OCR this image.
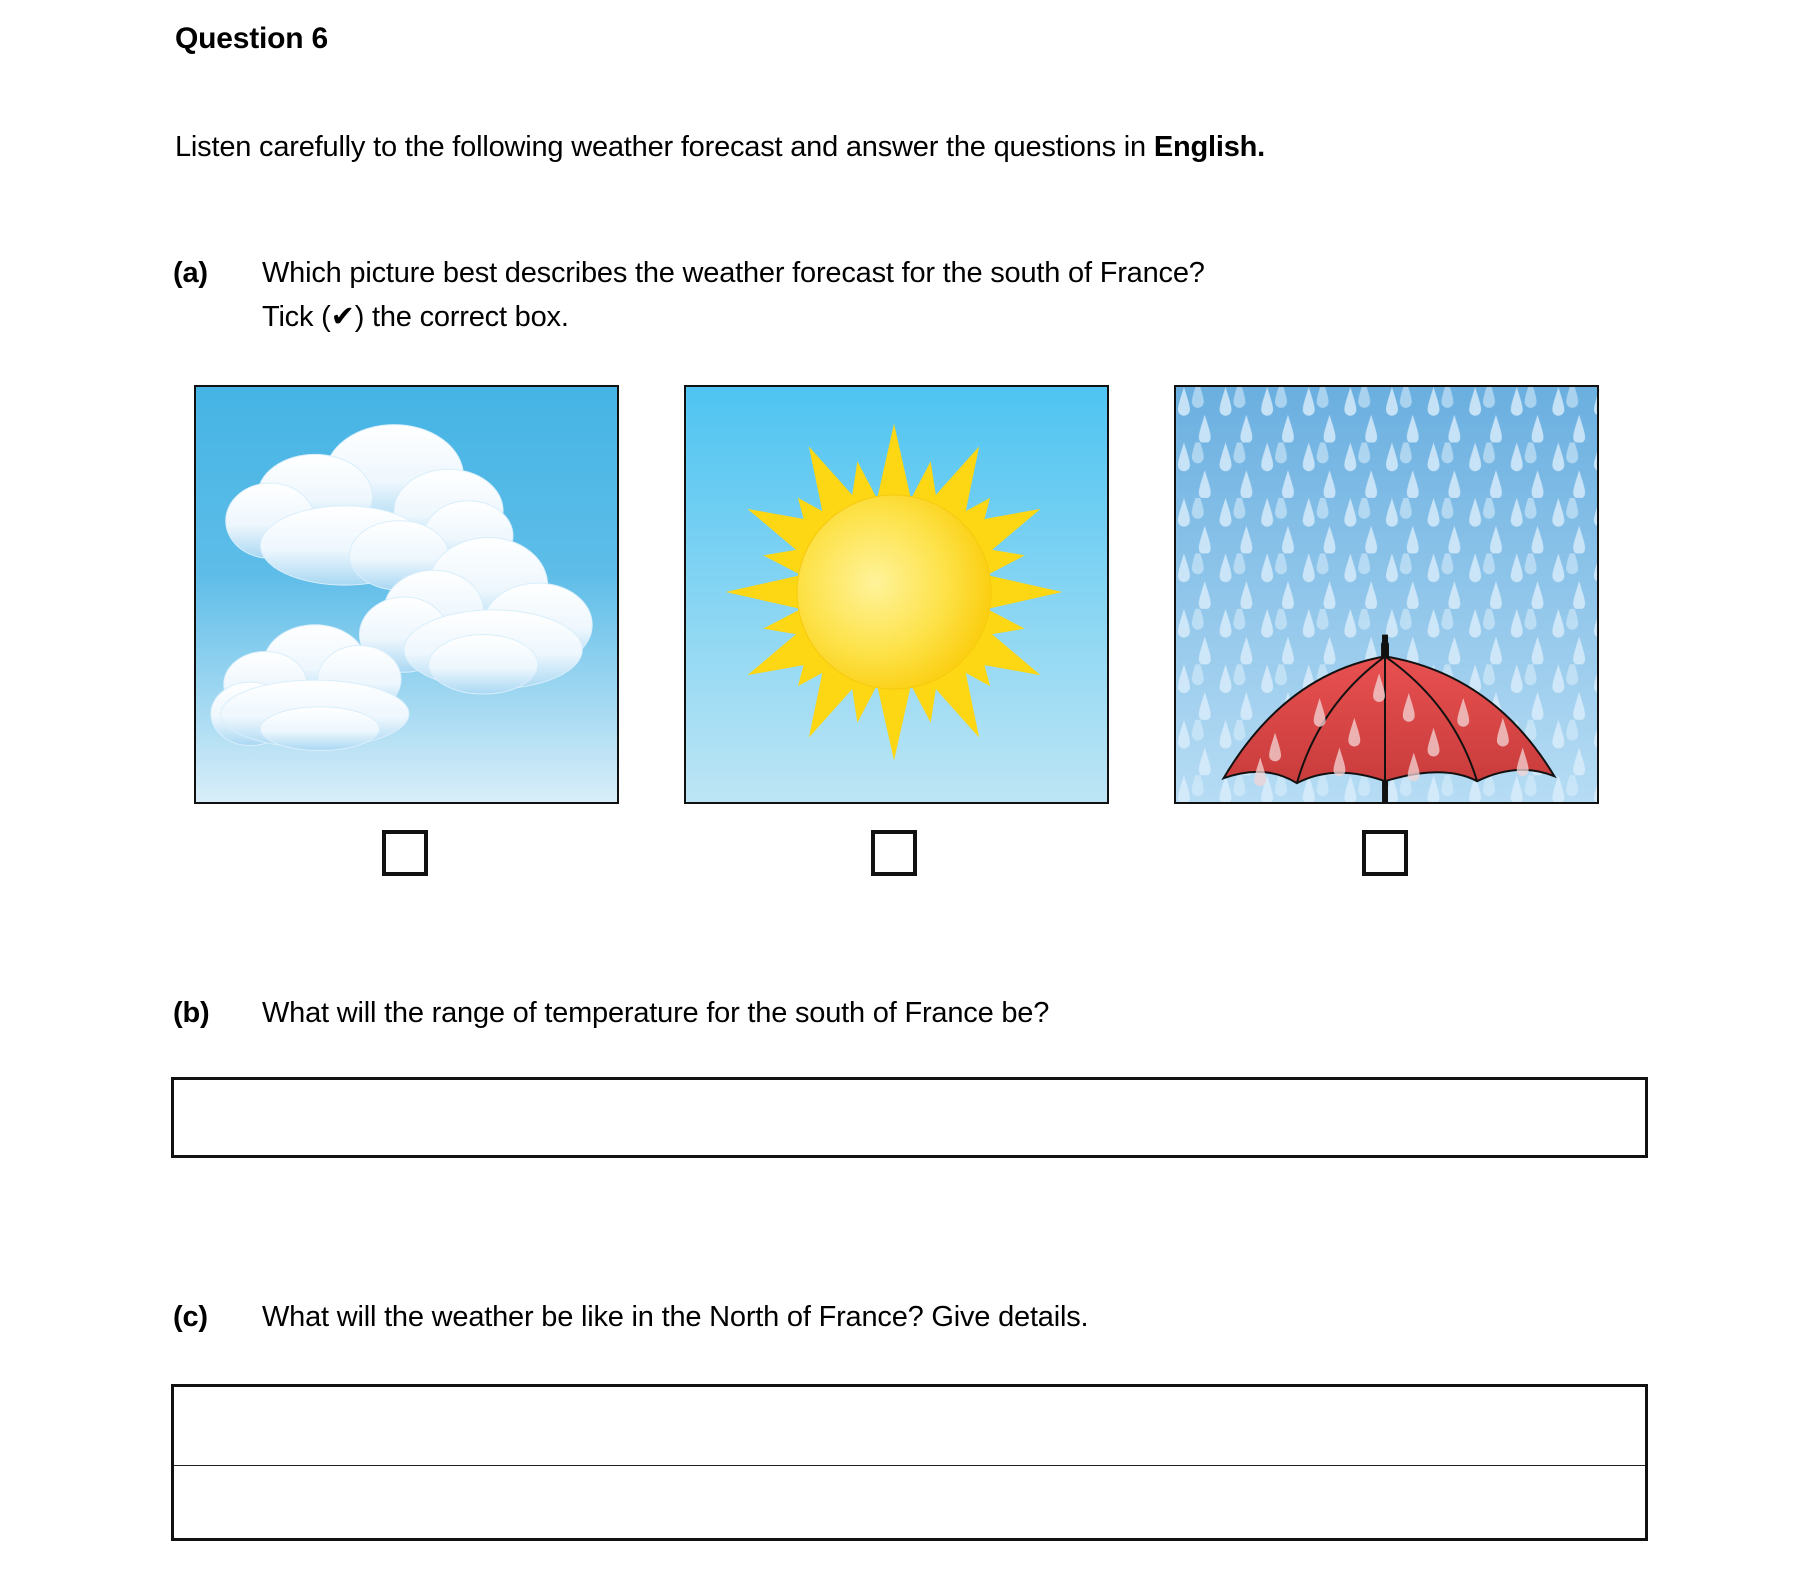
Question 6
Listen carefully to the following weather forecast and answer the questions in English.
(a) Which picture best describes the weather forecast for the south of France?
Tick (✔) the correct box.
(b) What will the range of temperature for the south of France be?
(c) What will the weather be like in the North of France? Give details.
